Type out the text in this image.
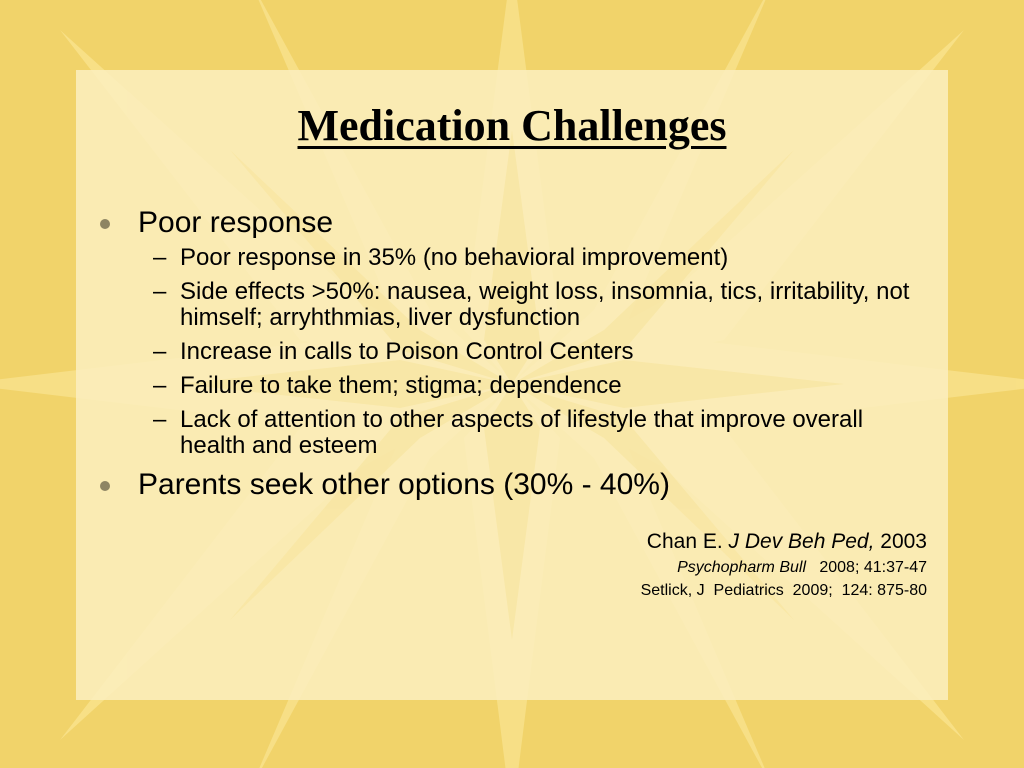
Medication Challenges
Poor response
– Poor response in 35% (no behavioral improvement)
– Side effects >50%: nausea, weight loss, insomnia, tics, irritability, not himself; arryhthmias, liver dysfunction
– Increase in calls to Poison Control Centers
– Failure to take them; stigma; dependence
– Lack of attention to other aspects of lifestyle that improve overall health and esteem
Parents seek other options (30% - 40%)
Chan E. J Dev Beh Ped, 2003
Psychopharm Bull   2008; 41:37-47
Setlick, J  Pediatrics  2009;  124: 875-80
